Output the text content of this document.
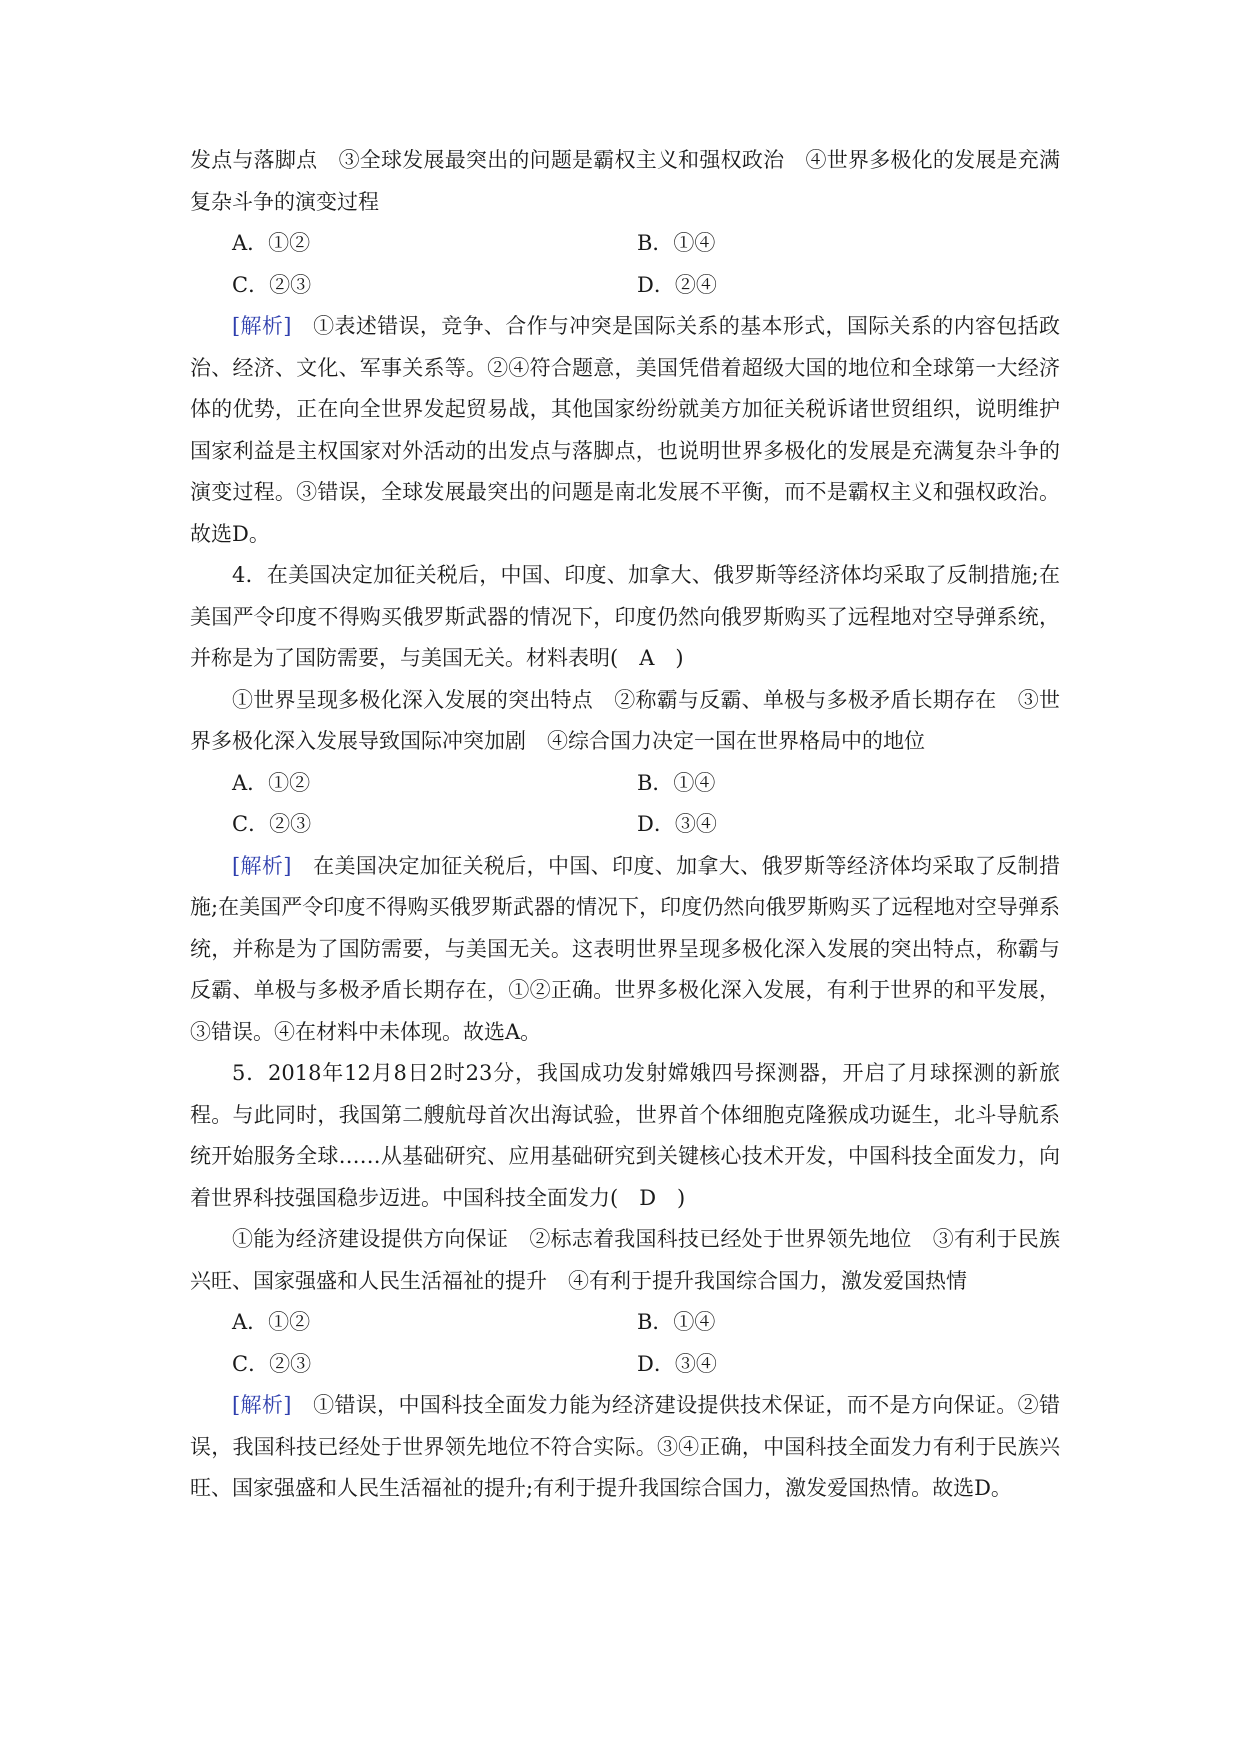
发点与落脚点　③全球发展最突出的问题是霸权主义和强权政治　④世界多极化的发展是充满复杂斗争的演变过程

A．①②	B．①④
C．②③	D．②④

[解析]　 ①表述错误，竞争、合作与冲突是国际关系的基本形式，国际关系的内容包括政治、经济、文化、军事关系等。②④符合题意，美国凭借着超级大国的地位和全球第一大经济体的优势，正在向全世界发起贸易战，其他国家纷纷就美方加征关税诉诸世贸组织，说明维护国家利益是主权国家对外活动的出发点与落脚点，也说明世界多极化的发展是充满复杂斗争的演变过程。③错误，全球发展最突出的问题是南北发展不平衡，而不是霸权主义和强权政治。故选D。

4．在美国决定加征关税后，中国、印度、加拿大、俄罗斯等经济体均采取了反制措施;在美国严令印度不得购买俄罗斯武器的情况下，印度仍然向俄罗斯购买了远程地对空导弹系统，并称是为了国防需要，与美国无关。材料表明(　A　)

①世界呈现多极化深入发展的突出特点　②称霸与反霸、单极与多极矛盾长期存在　③世界多极化深入发展导致国际冲突加剧　④综合国力决定一国在世界格局中的地位

A．①②	B．①④
C．②③	D．③④

[解析]　 在美国决定加征关税后，中国、印度、加拿大、俄罗斯等经济体均采取了反制措施;在美国严令印度不得购买俄罗斯武器的情况下，印度仍然向俄罗斯购买了远程地对空导弹系统，并称是为了国防需要，与美国无关。这表明世界呈现多极化深入发展的突出特点，称霸与反霸、单极与多极矛盾长期存在，①②正确。世界多极化深入发展，有利于世界的和平发展，③错误。④在材料中未体现。故选A。

5．2018年12月8日2时23分，我国成功发射嫦娥四号探测器，开启了月球探测的新旅程。与此同时，我国第二艘航母首次出海试验，世界首个体细胞克隆猴成功诞生，北斗导航系统开始服务全球……从基础研究、应用基础研究到关键核心技术开发，中国科技全面发力，向着世界科技强国稳步迈进。中国科技全面发力(　D　)

①能为经济建设提供方向保证　②标志着我国科技已经处于世界领先地位　③有利于民族兴旺、国家强盛和人民生活福祉的提升　④有利于提升我国综合国力，激发爱国热情

A．①②	B．①④
C．②③	D．③④

[解析]　 ①错误，中国科技全面发力能为经济建设提供技术保证，而不是方向保证。②错误，我国科技已经处于世界领先地位不符合实际。③④正确，中国科技全面发力有利于民族兴旺、国家强盛和人民生活福祉的提升;有利于提升我国综合国力，激发爱国热情。故选D。
